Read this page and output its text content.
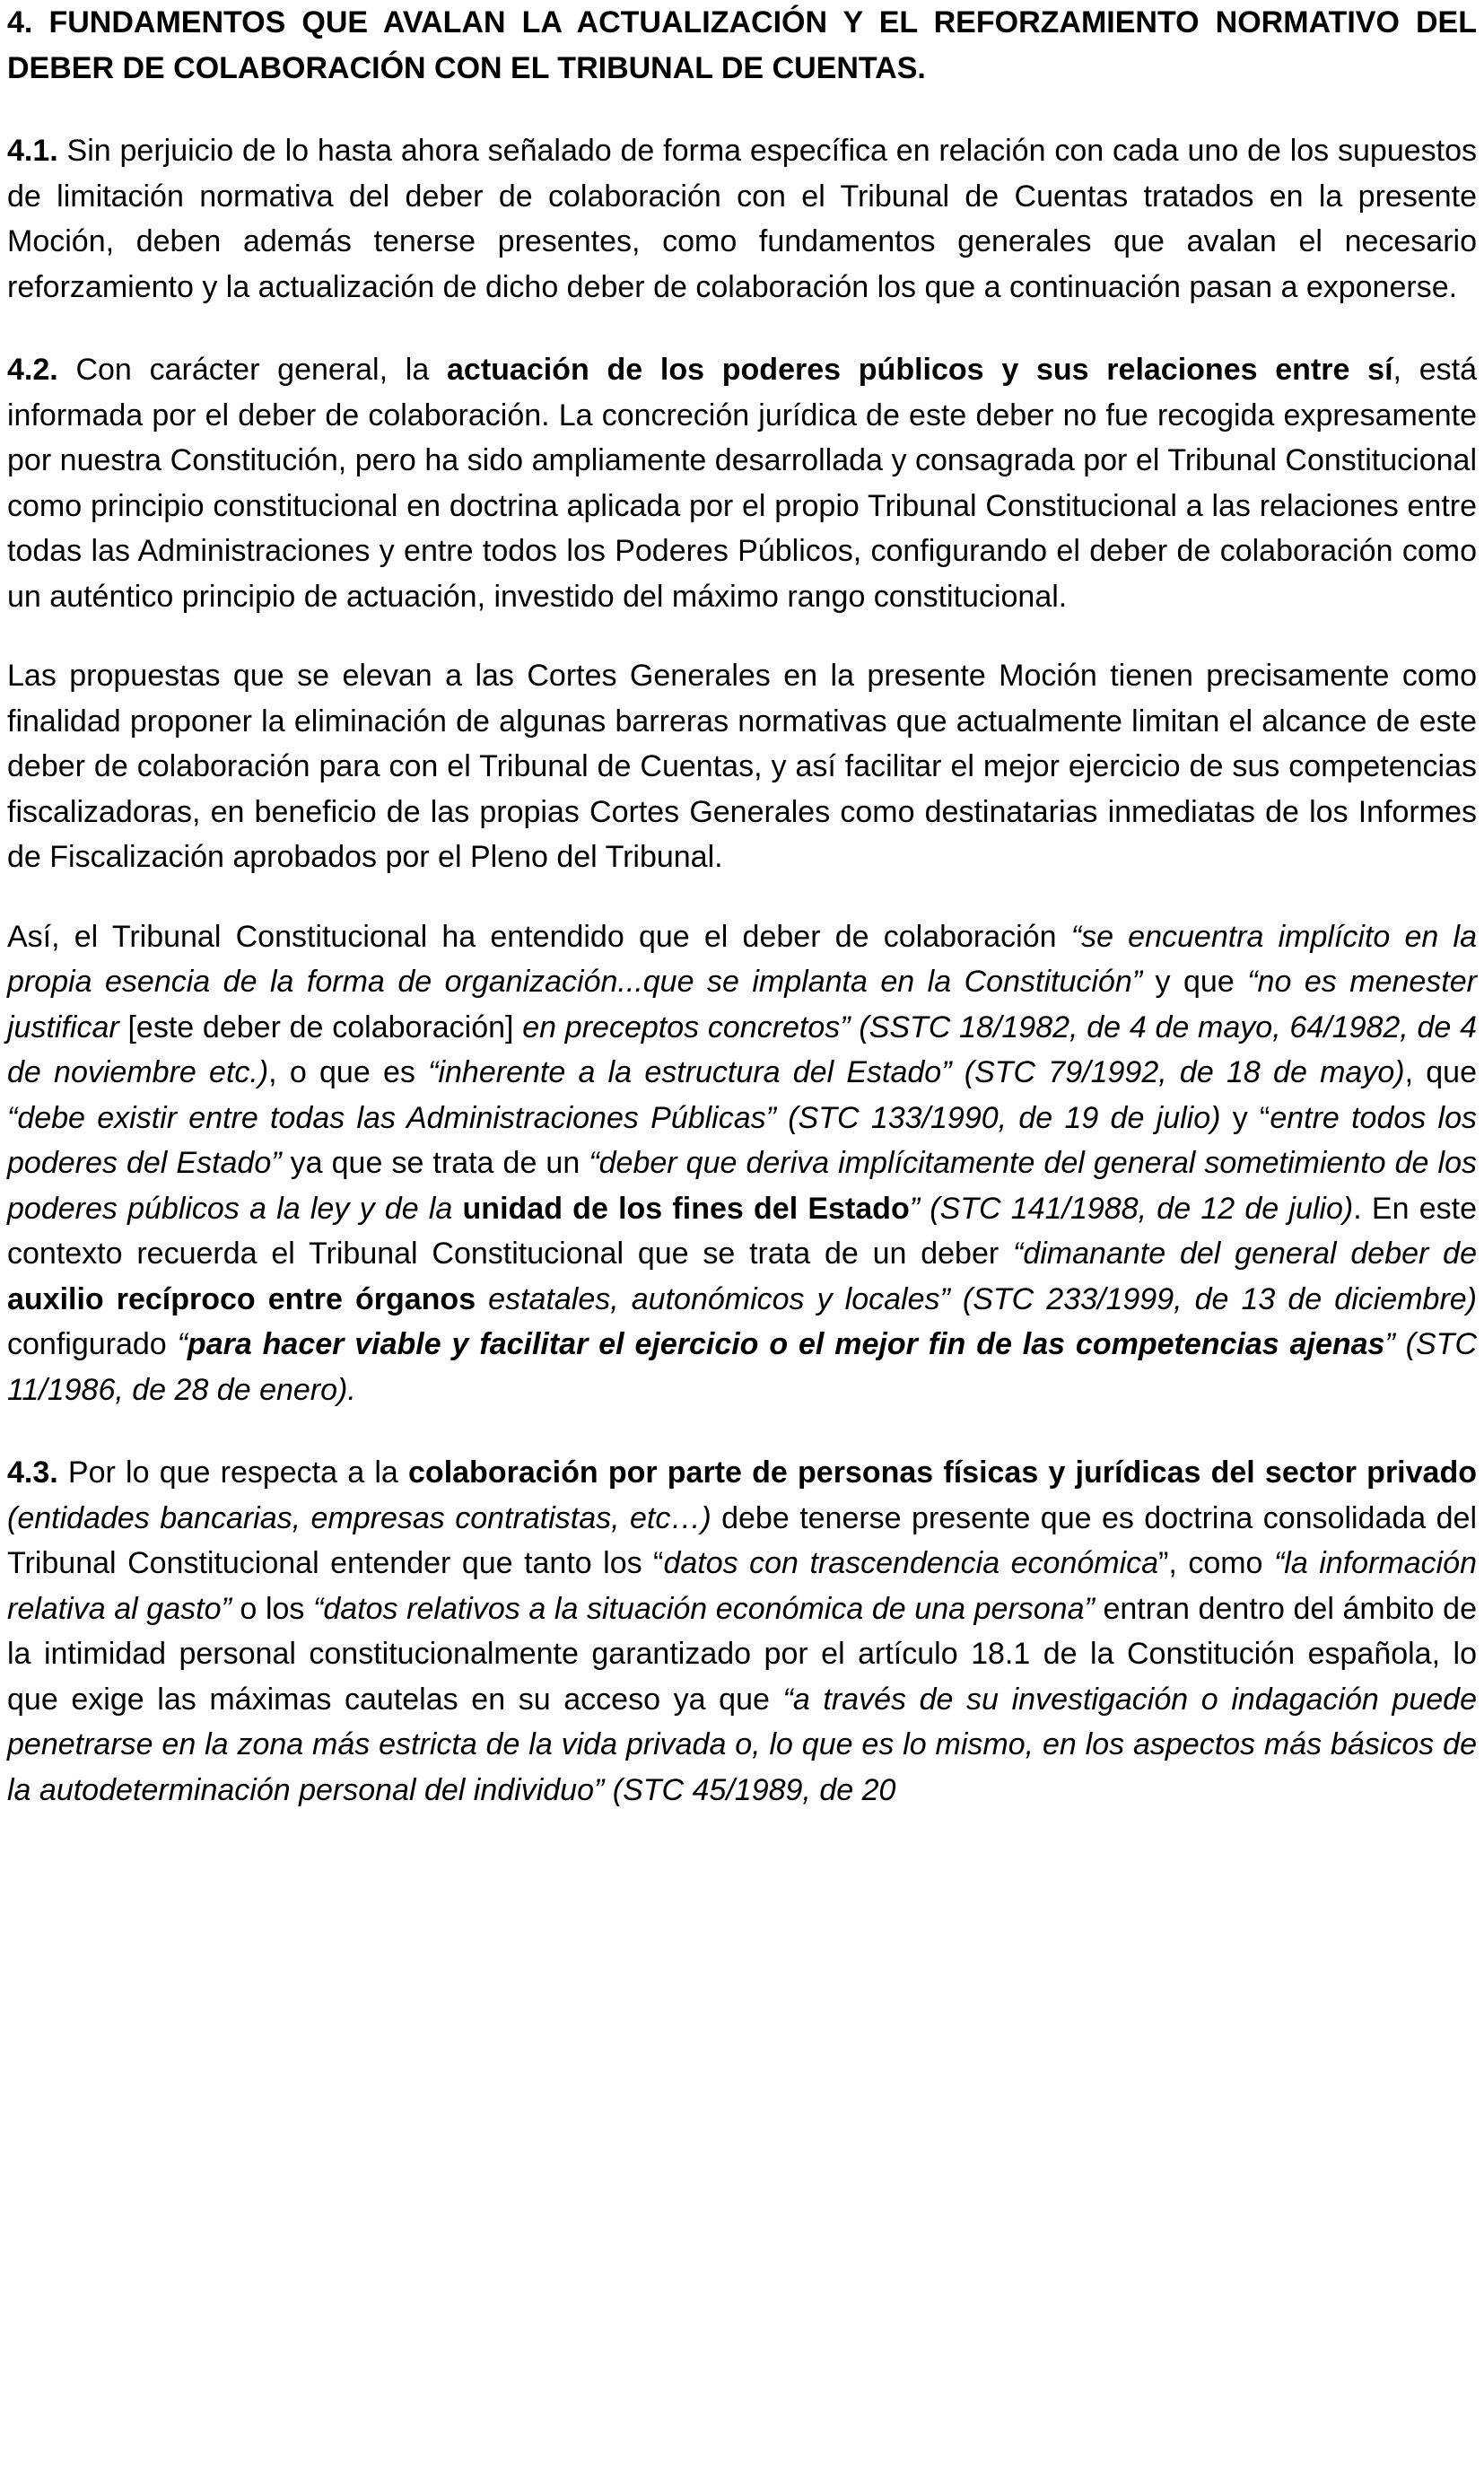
4. FUNDAMENTOS QUE AVALAN LA ACTUALIZACIÓN Y EL REFORZAMIENTO NORMATIVO DEL DEBER DE COLABORACIÓN CON EL TRIBUNAL DE CUENTAS.

4.1. Sin perjuicio de lo hasta ahora señalado de forma específica en relación con cada uno de los supuestos de limitación normativa del deber de colaboración con el Tribunal de Cuentas tratados en la presente Moción, deben además tenerse presentes, como fundamentos generales que avalan el necesario reforzamiento y la actualización de dicho deber de colaboración los que a continuación pasan a exponerse.

4.2. Con carácter general, la actuación de los poderes públicos y sus relaciones entre sí, está informada por el deber de colaboración. La concreción jurídica de este deber no fue recogida expresamente por nuestra Constitución, pero ha sido ampliamente desarrollada y consagrada por el Tribunal Constitucional como principio constitucional en doctrina aplicada por el propio Tribunal Constitucional a las relaciones entre todas las Administraciones y entre todos los Poderes Públicos, configurando el deber de colaboración como un auténtico principio de actuación, investido del máximo rango constitucional.

Las propuestas que se elevan a las Cortes Generales en la presente Moción tienen precisamente como finalidad proponer la eliminación de algunas barreras normativas que actualmente limitan el alcance de este deber de colaboración para con el Tribunal de Cuentas, y así facilitar el mejor ejercicio de sus competencias fiscalizadoras, en beneficio de las propias Cortes Generales como destinatarias inmediatas de los Informes de Fiscalización aprobados por el Pleno del Tribunal.

Así, el Tribunal Constitucional ha entendido que el deber de colaboración “se encuentra implícito en la propia esencia de la forma de organización...que se implanta en la Constitución” y que “no es menester justificar [este deber de colaboración] en preceptos concretos” (SSTC 18/1982, de 4 de mayo, 64/1982, de 4 de noviembre etc.), o que es “inherente a la estructura del Estado” (STC 79/1992, de 18 de mayo), que “debe existir entre todas las Administraciones Públicas” (STC 133/1990, de 19 de julio) y “entre todos los poderes del Estado” ya que se trata de un “deber que deriva implícitamente del general sometimiento de los poderes públicos a la ley y de la unidad de los fines del Estado” (STC 141/1988, de 12 de julio). En este contexto recuerda el Tribunal Constitucional que se trata de un deber “dimanante del general deber de auxilio recíproco entre órganos estatales, autonómicos y locales” (STC 233/1999, de 13 de diciembre) configurado “para hacer viable y facilitar el ejercicio o el mejor fin de las competencias ajenas” (STC 11/1986, de 28 de enero).

4.3. Por lo que respecta a la colaboración por parte de personas físicas y jurídicas del sector privado (entidades bancarias, empresas contratistas, etc…) debe tenerse presente que es doctrina consolidada del Tribunal Constitucional entender que tanto los “datos con trascendencia económica”, como “la información relativa al gasto” o los “datos relativos a la situación económica de una persona” entran dentro del ámbito de la intimidad personal constitucionalmente garantizado por el artículo 18.1 de la Constitución española, lo que exige las máximas cautelas en su acceso ya que “a través de su investigación o indagación puede penetrarse en la zona más estricta de la vida privada o, lo que es lo mismo, en los aspectos más básicos de la autodeterminación personal del individuo” (STC 45/1989, de 20
